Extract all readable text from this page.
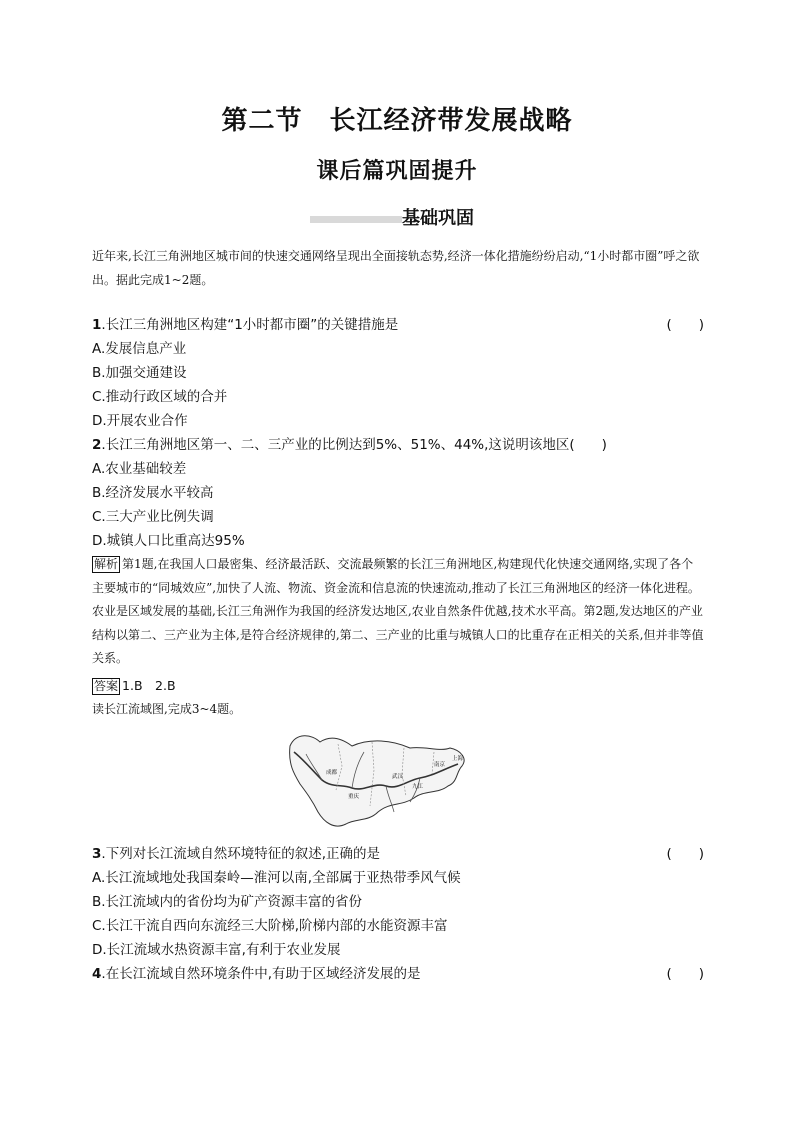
第二节　长江经济带发展战略
课后篇巩固提升
基础巩固

近年来,长江三角洲地区城市间的快速交通网络呈现出全面接轨态势,经济一体化措施纷纷启动,“1小时都市圈”呼之欲出。据此完成1~2题。

1.长江三角洲地区构建“1小时都市圈”的关键措施是	(　　)
A.发展信息产业
B.加强交通建设
C.推动行政区域的合并
D.开展农业合作
2.长江三角洲地区第一、二、三产业的比例达到5%、51%、44%,这说明该地区(　　)
A.农业基础较差
B.经济发展水平较高
C.三大产业比例失调
D.城镇人口比重高达95%

解析 第1题,在我国人口最密集、经济最活跃、交流最频繁的长江三角洲地区,构建现代化快速交通网络,实现了各个主要城市的“同城效应”,加快了人流、物流、资金流和信息流的快速流动,推动了长江三角洲地区的经济一体化进程。农业是区域发展的基础,长江三角洲作为我国的经济发达地区,农业自然条件优越,技术水平高。第2题,发达地区的产业结构以第二、三产业为主体,是符合经济规律的,第二、三产业的比重与城镇人口的比重存在正相关的关系,但并非等值关系。

答案 1.B　2.B
读长江流域图,完成3~4题。
上海
南京
九江
武汉
重庆
成都
3.下列对长江流域自然环境特征的叙述,正确的是	(　　)
A.长江流域地处我国秦岭—淮河以南,全部属于亚热带季风气候
B.长江流域内的省份均为矿产资源丰富的省份
C.长江干流自西向东流经三大阶梯,阶梯内部的水能资源丰富
D.长江流域水热资源丰富,有利于农业发展
4.在长江流域自然环境条件中,有助于区域经济发展的是	(　　)
